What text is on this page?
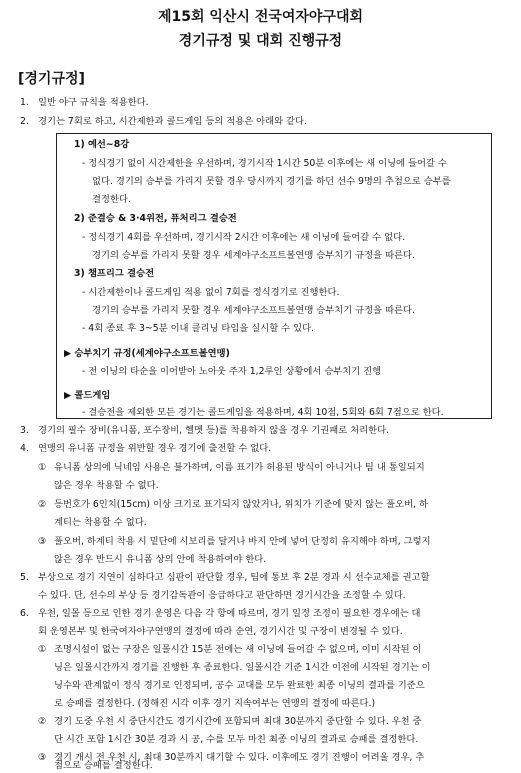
제15회 익산시 전국여자야구대회
경기규정 및 대회 진행규정
[경기규정]
1. 일반 야구 규칙을 적용한다.
2. 경기는 7회로 하고, 시간제한과 콜드게임 등의 적용은 아래와 같다.
1) 예선~8강
- 정식경기 없이 시간제한을 우선하며, 경기시작 1시간 50분 이후에는 새 이닝에 들어갈 수
없다. 경기의 승부를 가리지 못할 경우 당시까지 경기를 하던 선수 9명의 추첨으로 승부를
결정한다.
2) 준결승 & 3·4위전, 퓨처리그 결승전
- 정식경기 4회를 우선하며, 경기시작 2시간 이후에는 새 이닝에 들어갈 수 없다.
경기의 승부를 가리지 못할 경우 세계야구소프트볼연맹 승부치기 규정을 따른다.
3) 챔프리그 결승전
- 시간제한이나 콜드게임 적용 없이 7회를 정식경기로 진행한다.
경기의 승부를 가리지 못할 경우 세계야구소프트볼연맹 승부치기 규정을 따른다.
- 4회 종료 후 3~5분 이내 클리닝 타임을 실시할 수 있다.
▶ 승부치기 규정(세계야구소프트볼연맹)
- 전 이닝의 타순을 이어받아 노아웃 주자 1,2루인 상황에서 승부치기 진행
▶ 콜드게임
- 결승전을 제외한 모든 경기는 콜드게임을 적용하며, 4회 10점, 5회와 6회 7점으로 한다.
3. 경기의 필수 장비(유니폼, 포수장비, 헬멧 등)를 착용하지 않을 경우 기권패로 처리한다.
4. 연맹의 유니폼 규정을 위반할 경우 경기에 출전할 수 없다.
① 유니폼 상의에 닉네임 사용은 불가하며, 이름 표기가 허용된 방식이 아니거나 팀 내 통일되지
않은 경우 착용할 수 없다.
② 등번호가 6인치(15cm) 이상 크기로 표기되지 않았거나, 위치가 기준에 맞지 않는 풀오버, 하
계티는 착용할 수 없다.
③ 풀오버, 하계티 착용 시 밑단에 시보리를 달거나 바지 안에 넣어 단정히 유지해야 하며, 그렇지
않은 경우 반드시 유니폼 상의 안에 착용하여야 한다.
5. 부상으로 경기 지연이 심하다고 심판이 판단할 경우, 팀에 통보 후 2분 경과 시 선수교체를 권고할
수 있다. 단, 선수의 부상 등 경기감독관이 응급하다고 판단하면 경기시간을 조정할 수 있다.
6. 우천, 일몰 등으로 인한 경기 운영은 다음 각 항에 따르며, 경기 일정 조정이 필요한 경우에는 대
회 운영본부 및 한국여자야구연맹의 결정에 따라 순연, 경기시간 및 구장이 변경될 수 있다.
① 조명시설이 없는 구장은 일몰시간 15분 전에는 새 이닝에 들어갈 수 없으며, 이미 시작된 이
닝은 일몰시간까지 경기를 진행한 후 종료한다. 일몰시간 기준 1시간 이전에 시작된 경기는 이
닝수와 관계없이 정식 경기로 인정되며, 공수 교대를 모두 완료한 최종 이닝의 결과를 기준으
로 승패를 결정한다. (정해진 시각 이후 경기 지속여부는 연맹의 결정에 따른다.)
② 경기 도중 우천 시 중단시간도 경기시간에 포함되며 최대 30분까지 중단할 수 있다. 우천 중
단 시간 포함 1시간 30분 경과 시 공, 수를 모두 마친 최종 이닝의 결과로 승패를 결정한다.
③ 경기 개시 전 우천 시, 최대 30분까지 대기할 수 있다. 이후에도 경기 진행이 어려울 경우, 추
첨으로 승패를 결정한다.
